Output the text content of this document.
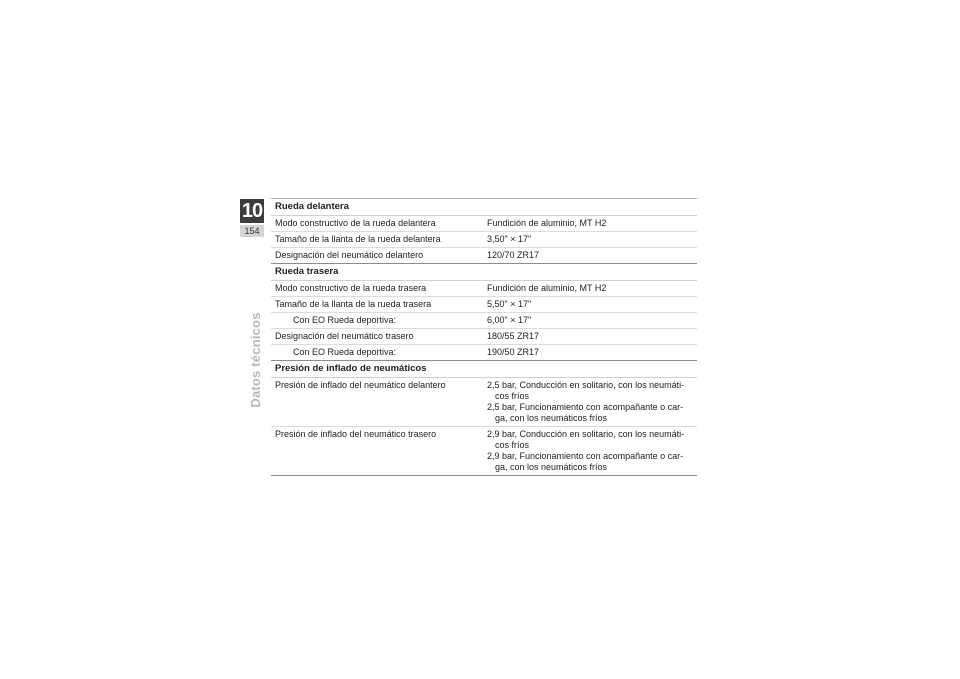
10
154
Datos técnicos
Rueda delantera
Modo constructivo de la rueda delantera	Fundición de aluminio, MT H2
Tamaño de la llanta de la rueda delantera	3,50" × 17"
Designación del neumático delantero	120/70 ZR17
Rueda trasera
Modo constructivo de la rueda trasera	Fundición de aluminio, MT H2
Tamaño de la llanta de la rueda trasera	5,50" × 17"
Con EO Rueda deportiva:	6,00" × 17"
Designación del neumático trasero	180/55 ZR17
Con EO Rueda deportiva:	190/50 ZR17
Presión de inflado de neumáticos
Presión de inflado del neumático delantero	2,5 bar, Conducción en solitario, con los neumáti-
cos fríos
2,5 bar, Funcionamiento con acompañante o car-
ga, con los neumáticos fríos
Presión de inflado del neumático trasero	2,9 bar, Conducción en solitario, con los neumáti-
cos fríos
2,9 bar, Funcionamiento con acompañante o car-
ga, con los neumáticos fríos
